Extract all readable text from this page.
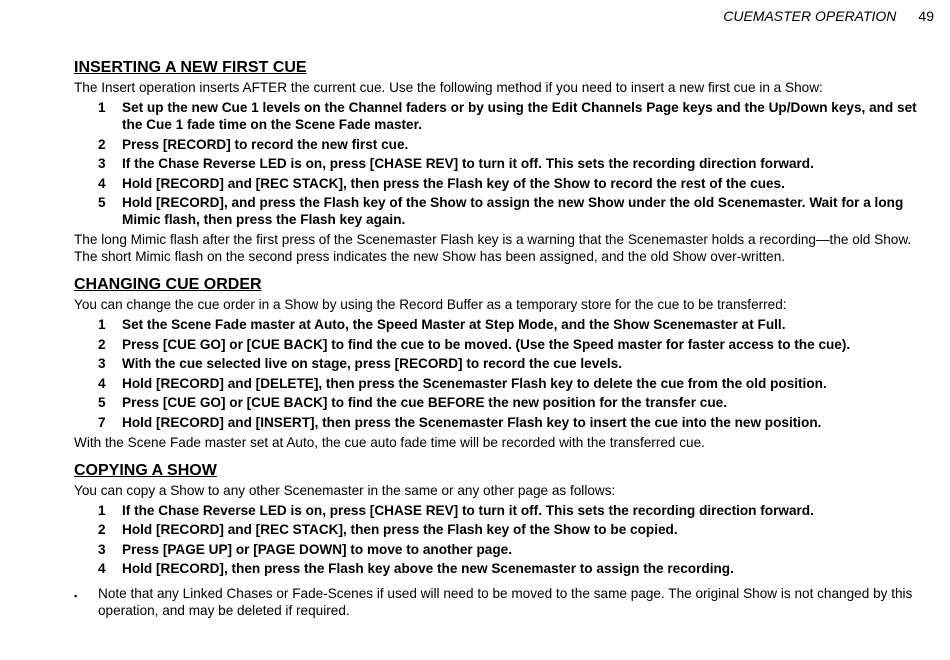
CUEMASTER OPERATION 49
INSERTING A NEW FIRST CUE

The Insert operation inserts AFTER the current cue. Use the following method if you need to insert a new first cue in a Show:

1	Set up the new Cue 1 levels on the Channel faders or by using the Edit Channels Page keys and the Up/Down keys, and set the Cue 1 fade time on the Scene Fade master.
2	Press [RECORD] to record the new first cue.
3	If the Chase Reverse LED is on, press [CHASE REV] to turn it off. This sets the recording direction forward.
4	Hold [RECORD] and [REC STACK], then press the Flash key of the Show to record the rest of the cues.
5	Hold [RECORD], and press the Flash key of the Show to assign the new Show under the old Scenemaster. Wait for a long Mimic flash, then press the Flash key again.

The long Mimic flash after the first press of the Scenemaster Flash key is a warning that the Scenemaster holds a recording—the old Show. The short Mimic flash on the second press indicates the new Show has been assigned, and the old Show over-written.

CHANGING CUE ORDER

You can change the cue order in a Show by using the Record Buffer as a temporary store for the cue to be transferred:

1	Set the Scene Fade master at Auto, the Speed Master at Step Mode, and the Show Scenemaster at Full.
2	Press [CUE GO] or [CUE BACK] to find the cue to be moved. (Use the Speed master for faster access to the cue).
3	With the cue selected live on stage, press [RECORD] to record the cue levels.
4	Hold [RECORD] and [DELETE], then press the Scenemaster Flash key to delete the cue from the old position.
5	Press [CUE GO] or [CUE BACK] to find the cue BEFORE the new position for the transfer cue.
7	Hold [RECORD] and [INSERT], then press the Scenemaster Flash key to insert the cue into the new position.

With the Scene Fade master set at Auto, the cue auto fade time will be recorded with the transferred cue.

COPYING A SHOW

You can copy a Show to any other Scenemaster in the same or any other page as follows:

1	If the Chase Reverse LED is on, press [CHASE REV] to turn it off. This sets the recording direction forward.
2	Hold [RECORD] and [REC STACK], then press the Flash key of the Show to be copied.
3	Press [PAGE UP] or [PAGE DOWN] to move to another page.
4	Hold [RECORD], then press the Flash key above the new Scenemaster to assign the recording.
▪	Note that any Linked Chases or Fade-Scenes if used will need to be moved to the same page. The original Show is not changed by this operation, and may be deleted if required.
